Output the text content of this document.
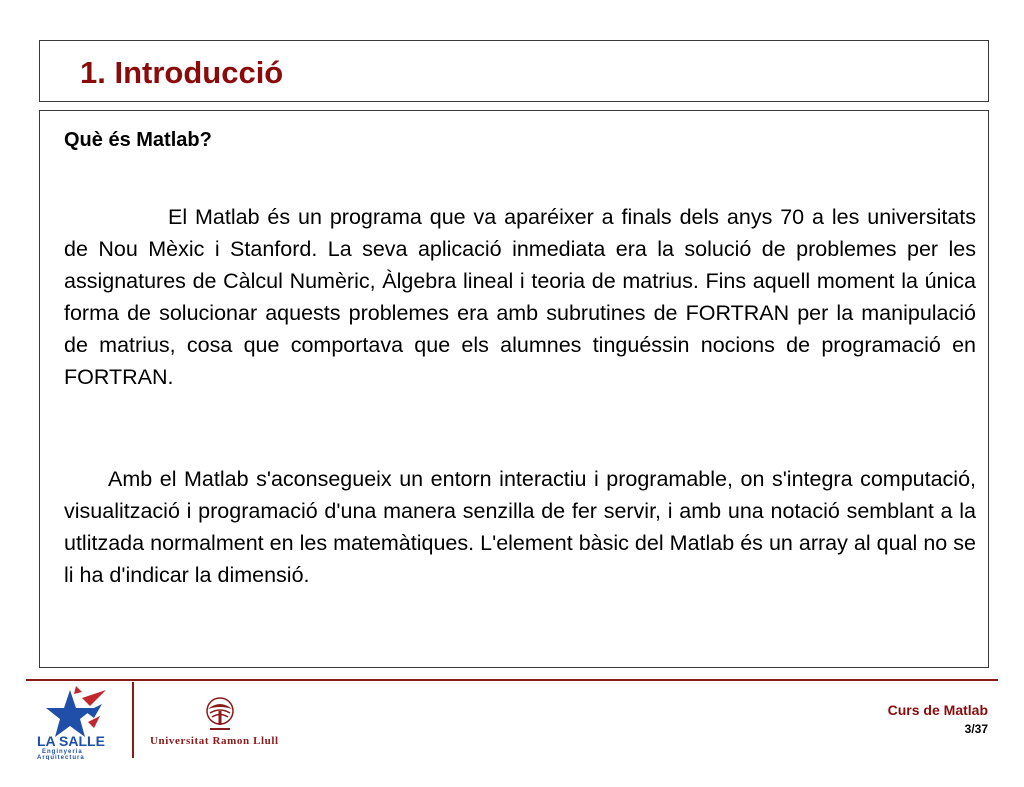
1. Introducció
Què és Matlab?

El Matlab és un programa que va aparéixer a finals dels anys 70 a les universitats de Nou Mèxic i Stanford. La seva aplicació inmediata era la solució de problemes per les assignatures de Càlcul Numèric, Àlgebra lineal i teoria de matrius. Fins aquell moment la única forma de solucionar aquests problemes era amb subrutines de FORTRAN per la manipulació de matrius, cosa que comportava que els alumnes tinguéssin nocions de programació en FORTRAN.

Amb el Matlab s'aconsegueix un entorn interactiu i programable, on s'integra computació, visualització i programació d'una manera senzilla de fer servir, i amb una notació semblant a la utlitzada normalment en les matemàtiques. L'element bàsic del Matlab és un array al qual no se li ha d'indicar la dimensió.

LA SALLE
Enginyeria
Arquitectura
Universitat Ramon Llull
Curs de Matlab
3/37
